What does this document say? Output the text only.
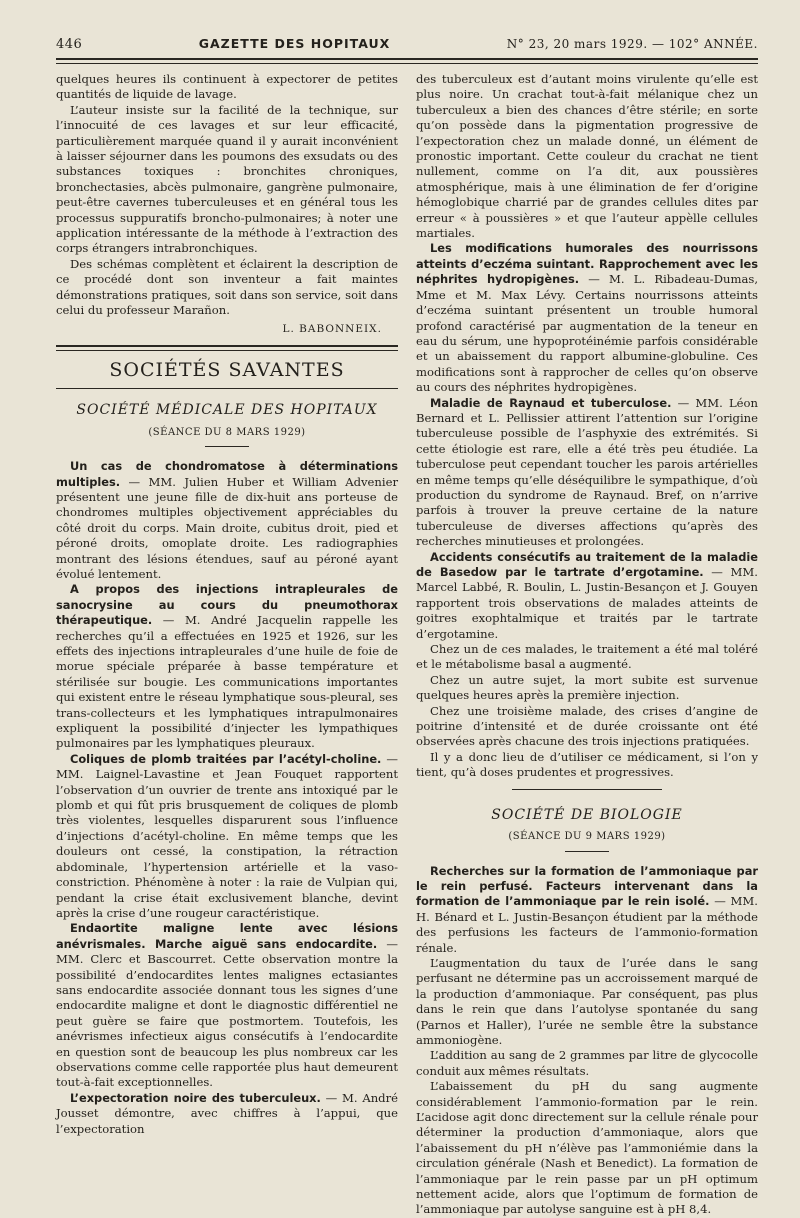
446	GAZETTE DES HOPITAUX	N° 23, 20 mars 1929. — 102° ANNÉE.

quelques heures ils continuent à expectorer de petites quantités de liquide de lavage.

L’auteur insiste sur la facilité de la technique, sur l’innocuité de ces lavages et sur leur efficacité, particulièrement marquée quand il y aurait inconvénient à laisser séjourner dans les poumons des exsudats ou des substances toxiques : bronchites chroniques, bronchectasies, abcès pulmonaire, gangrène pulmonaire, peut-être cavernes tuberculeuses et en général tous les processus suppuratifs broncho-pulmonaires; à noter une application intéressante de la méthode à l’extraction des corps étrangers intrabronchiques.

Des schémas complètent et éclairent la description de ce procédé dont son inventeur a fait maintes démonstrations pratiques, soit dans son service, soit dans celui du professeur Marañon.

L. BABONNEIX.
SOCIÉTÉS SAVANTES
SOCIÉTÉ MÉDICALE DES HOPITAUX
(SÉANCE DU 8 MARS 1929)

Un cas de chondromatose à déterminations multiples. — MM. Julien Huber et William Advenier présentent une jeune fille de dix-huit ans porteuse de chondromes multiples objectivement appréciables du côté droit du corps. Main droite, cubitus droit, pied et péroné droits, omoplate droite. Les radiographies montrant des lésions étendues, sauf au péroné ayant évolué lentement.

A propos des injections intrapleurales de sanocrysine au cours du pneumothorax thérapeutique. — M. André Jacquelin rappelle les recherches qu’il a effectuées en 1925 et 1926, sur les effets des injections intrapleurales d’une huile de foie de morue spéciale préparée à basse température et stérilisée sur bougie. Les communications importantes qui existent entre le réseau lymphatique sous-pleural, ses trans-collecteurs et les lymphatiques intrapulmonaires expliquent la possibilité d’injecter les lympathiques pulmonaires par les lymphatiques pleuraux.

Coliques de plomb traitées par l’acétyl-choline. — MM. Laignel-Lavastine et Jean Fouquet rapportent l’observation d’un ouvrier de trente ans intoxiqué par le plomb et qui fût pris brusquement de coliques de plomb très violentes, lesquelles disparurent sous l’influence d’injections d’acétyl-choline. En même temps que les douleurs ont cessé, la constipation, la rétraction abdominale, l’hypertension artérielle et la vaso-constriction. Phénomène à noter : la raie de Vulpian qui, pendant la crise était exclusivement blanche, devint après la crise d’une rougeur caractéristique.

Endaortite maligne lente avec lésions anévrismales. Marche aiguë sans endocardite. — MM. Clerc et Bascourret. Cette observation montre la possibilité d’endocardites lentes malignes ectasiantes sans endocardite associée donnant tous les signes d’une endocardite maligne et dont le diagnostic différentiel ne peut guère se faire que postmortem. Toutefois, les anévrismes infectieux aigus consécutifs à l’endocardite en question sont de beaucoup les plus nombreux car les observations comme celle rapportée plus haut demeurent tout-à-fait exceptionnelles.

L’expectoration noire des tuberculeux. — M. André Jousset démontre, avec chiffres à l’appui, que l’expectoration

des tuberculeux est d’autant moins virulente qu’elle est plus noire. Un crachat tout-à-fait mélanique chez un tuberculeux a bien des chances d’être stérile; en sorte qu’on possède dans la pigmentation progressive de l’expectoration chez un malade donné, un élément de pronostic important. Cette couleur du crachat ne tient nullement, comme on l’a dit, aux poussières atmosphérique, mais à une élimination de fer d’origine hémoglobique charrié par de grandes cellules dites par erreur « à poussières » et que l’auteur appèlle cellules martiales.

Les modifications humorales des nourrissons atteints d’eczéma suintant. Rapprochement avec les néphrites hydropigènes. — M. L. Ribadeau-Dumas, Mme et M. Max Lévy. Certains nourrissons atteints d’eczéma suintant présentent un trouble humoral profond caractérisé par augmentation de la teneur en eau du sérum, une hypoprotéinémie parfois considérable et un abaissement du rapport albumine-globuline. Ces modifications sont à rapprocher de celles qu’on observe au cours des néphrites hydropigènes.

Maladie de Raynaud et tuberculose. — MM. Léon Bernard et L. Pellissier attirent l’attention sur l’origine tuberculeuse possible de l’asphyxie des extrémités. Si cette étiologie est rare, elle a été très peu étudiée. La tuberculose peut cependant toucher les parois artérielles en même temps qu’elle déséquilibre le sympathique, d’où production du syndrome de Raynaud. Bref, on n’arrive parfois à trouver la preuve certaine de la nature tuberculeuse de diverses affections qu’après des recherches minutieuses et prolongées.

Accidents consécutifs au traitement de la maladie de Basedow par le tartrate d’ergotamine. — MM. Marcel Labbé, R. Boulin, L. Justin-Besançon et J. Gouyen rapportent trois observations de malades atteints de goitres exophtalmique et traités par le tartrate d’ergotamine.

Chez un de ces malades, le traitement a été mal toléré et le métabolisme basal a augmenté.

Chez un autre sujet, la mort subite est survenue quelques heures après la première injection.

Chez une troisième malade, des crises d’angine de poitrine d’intensité et de durée croissante ont été observées après chacune des trois injections pratiquées.

Il y a donc lieu de d’utiliser ce médicament, si l’on y tient, qu’à doses prudentes et progressives.

SOCIÉTÉ DE BIOLOGIE
(SÉANCE DU 9 MARS 1929)

Recherches sur la formation de l’ammoniaque par le rein perfusé. Facteurs intervenant dans la formation de l’ammoniaque par le rein isolé. — MM. H. Bénard et L. Justin-Besançon étudient par la méthode des perfusions les facteurs de l’ammonio-formation rénale.

L’augmentation du taux de l’urée dans le sang perfusant ne détermine pas un accroissement marqué de la production d’ammoniaque. Par conséquent, pas plus dans le rein que dans l’autolyse spontanée du sang (Parnos et Haller), l’urée ne semble être la substance ammoniogène.

L’addition au sang de 2 grammes par litre de glycocolle conduit aux mêmes résultats.

L’abaissement du pH du sang augmente considérablement l’ammonio-formation par le rein. L’acidose agit donc directement sur la cellule rénale pour déterminer la production d’ammoniaque, alors que l’abaissement du pH n’élève pas l’ammoniémie dans la circulation générale (Nash et Benedict). La formation de l’ammoniaque par le rein passe par un pH optimum nettement acide, alors que l’optimum de formation de l’ammoniaque par autolyse sanguine est à pH 8,4.
